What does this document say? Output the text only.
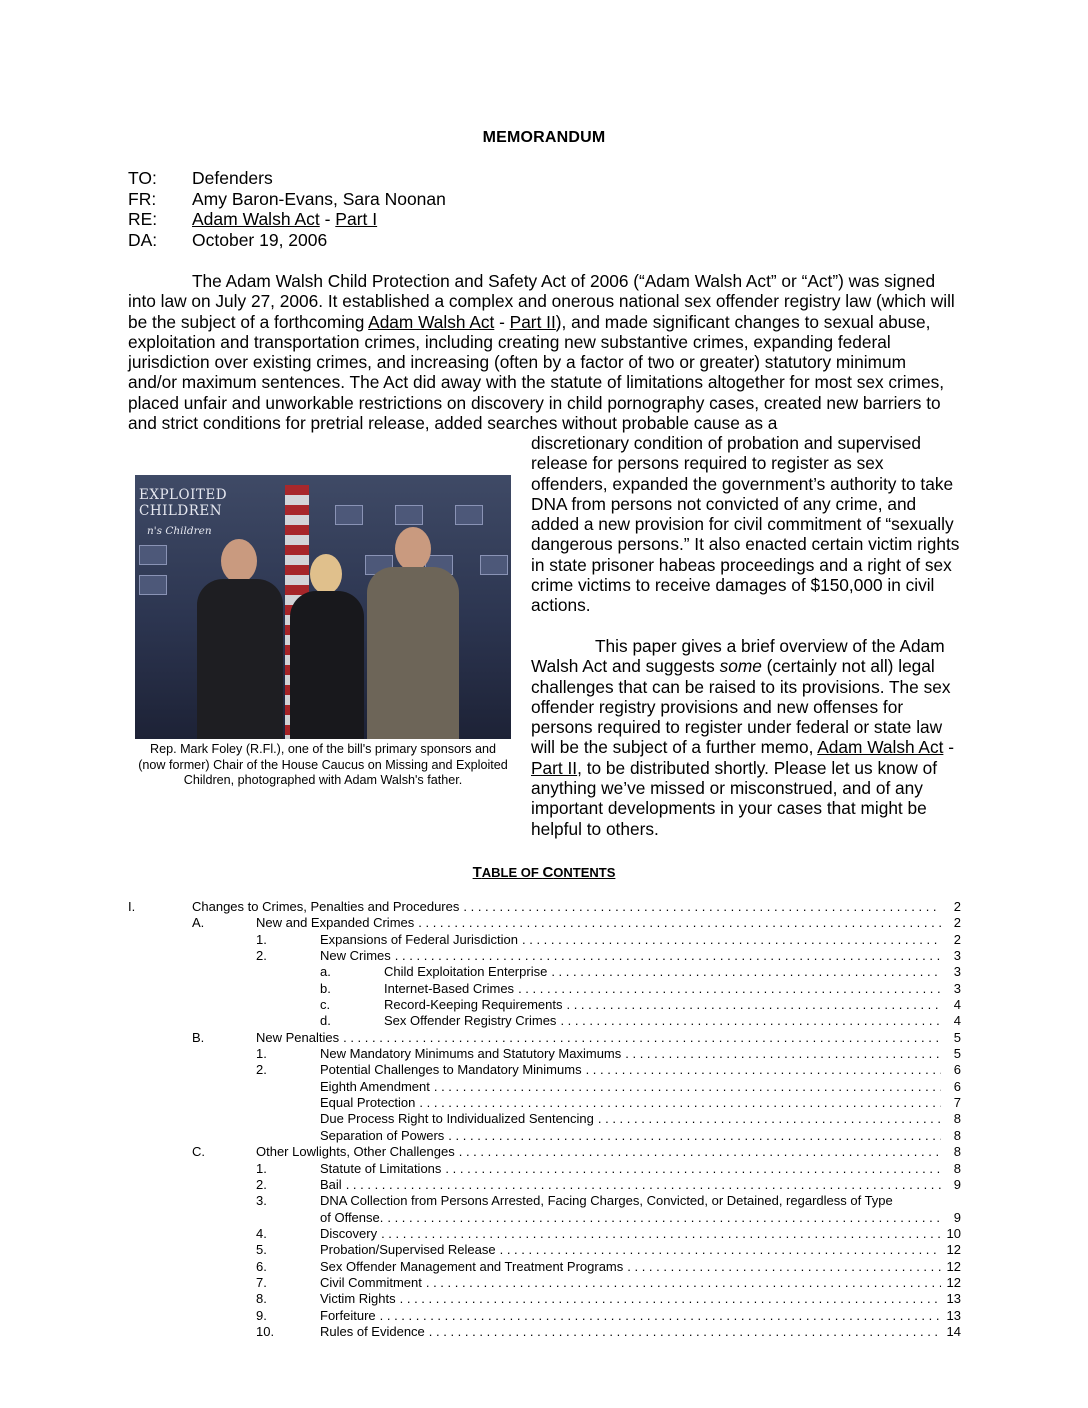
MEMORANDUM
TO:	Defenders
FR:	Amy Baron-Evans, Sara Noonan
RE:	Adam Walsh Act - Part I
DA:	October 19, 2006

The Adam Walsh Child Protection and Safety Act of 2006 (“Adam Walsh Act” or “Act”) was signed into law on July 27, 2006. It established a complex and onerous national sex offender registry law (which will be the subject of a forthcoming Adam Walsh Act - Part II), and made significant changes to sexual abuse, exploitation and transportation crimes, including creating new substantive crimes, expanding federal jurisdiction over existing crimes, and increasing (often by a factor of two or greater) statutory minimum and/or maximum sentences. The Act did away with the statute of limitations altogether for most sex crimes, placed unfair and unworkable restrictions on discovery in child pornography cases, created new barriers to and strict conditions for pretrial release, added searches without probable cause as a

discretionary condition of probation and supervised release for persons required to register as sex offenders, expanded the government’s authority to take DNA from persons not convicted of any crime, and added a new provision for civil commitment of “sexually dangerous persons.” It also enacted certain victim rights in state prisoner habeas proceedings and a right of sex crime victims to receive damages of $150,000 in civil actions.

This paper gives a brief overview of the Adam Walsh Act and suggests some (certainly not all) legal challenges that can be raised to its provisions. The sex offender registry provisions and new offenses for persons required to register under federal or state law will be the subject of a further memo, Adam Walsh Act - Part II, to be distributed shortly. Please let us know of anything we’ve missed or misconstrued, and of any important developments in your cases that might be helpful to others.

EXPLOITED CHILDREN
n's Children
Rep. Mark Foley (R.Fl.), one of the bill's primary sponsors and (now former) Chair of the House Caucus on Missing and Exploited Children, photographed with Adam Walsh's father.
TABLE OF CONTENTS
I.	Changes to Crimes, Penalties and Procedures . . .	2
A.	New and Expanded Crimes . . .	2
1.	Expansions of Federal Jurisdiction . . .	2
2.	New Crimes . . .	3
a.	Child Exploitation Enterprise . . .	3
b.	Internet-Based Crimes . . .	3
c.	Record-Keeping Requirements . . .	4
d.	Sex Offender Registry Crimes . . .	4
B.	New Penalties . . .	5
1.	New Mandatory Minimums and Statutory Maximums . . .	5
2.	Potential Challenges to Mandatory Minimums . . .	6
Eighth Amendment . . .	6
Equal Protection . . .	7
Due Process Right to Individualized Sentencing . . .	8
Separation of Powers . . .	8
C.	Other Lowlights, Other Challenges . . .	8
1.	Statute of Limitations . . .	8
2.	Bail . . .	9
3.	DNA Collection from Persons Arrested, Facing Charges, Convicted, or Detained, regardless of Type
of Offense. . . .	9
4.	Discovery . . .	10
5.	Probation/Supervised Release . . .	12
6.	Sex Offender Management and Treatment Programs . . .	12
7.	Civil Commitment . . .	12
8.	Victim Rights . . .	13
9.	Forfeiture . . .	13
10.	Rules of Evidence . . .	14
